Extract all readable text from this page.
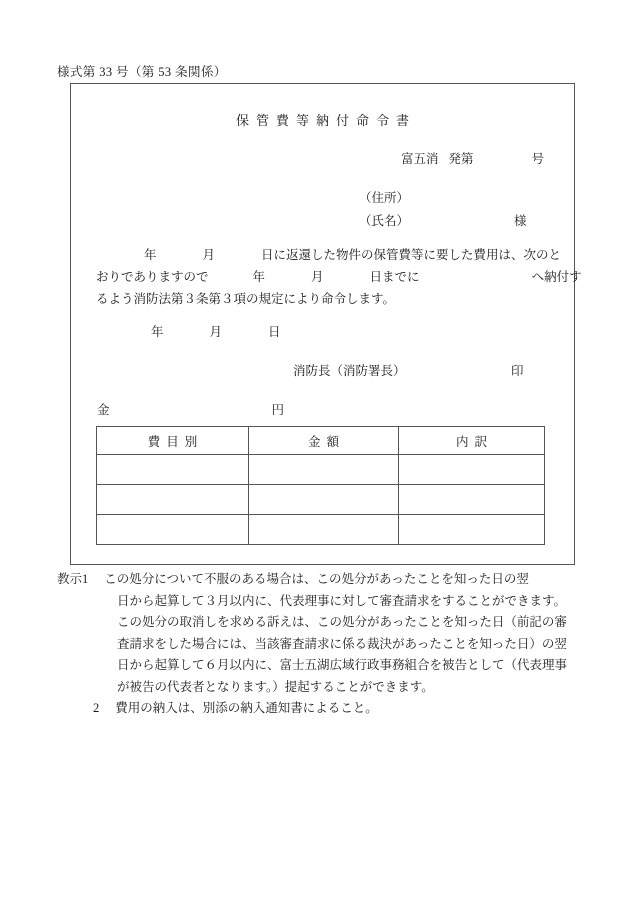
様式第 33 号（第 53 条関係）
保管費等納付命令書
富五消 発第	号
（住所）
（氏名）	様
年	月	日に返還した物件の保管費等に要した費用は、次のと
おりでありますので	年	月	日までに	へ納付す
るよう消防法第３条第３項の規定により命令します。
年	月	日
消防長（消防署長）	印
金	円
費目別	金額	内訳

教示1 この処分について不服のある場合は、この処分があったことを知った日の翌
日から起算して３月以内に、代表理事に対して審査請求をすることができます。
この処分の取消しを求める訴えは、この処分があったことを知った日（前記の審
査請求をした場合には、当該審査請求に係る裁決があったことを知った日）の翌
日から起算して６月以内に、富士五湖広域行政事務組合を被告として（代表理事
が被告の代表者となります。）提起することができます。
2 費用の納入は、別添の納入通知書によること。
